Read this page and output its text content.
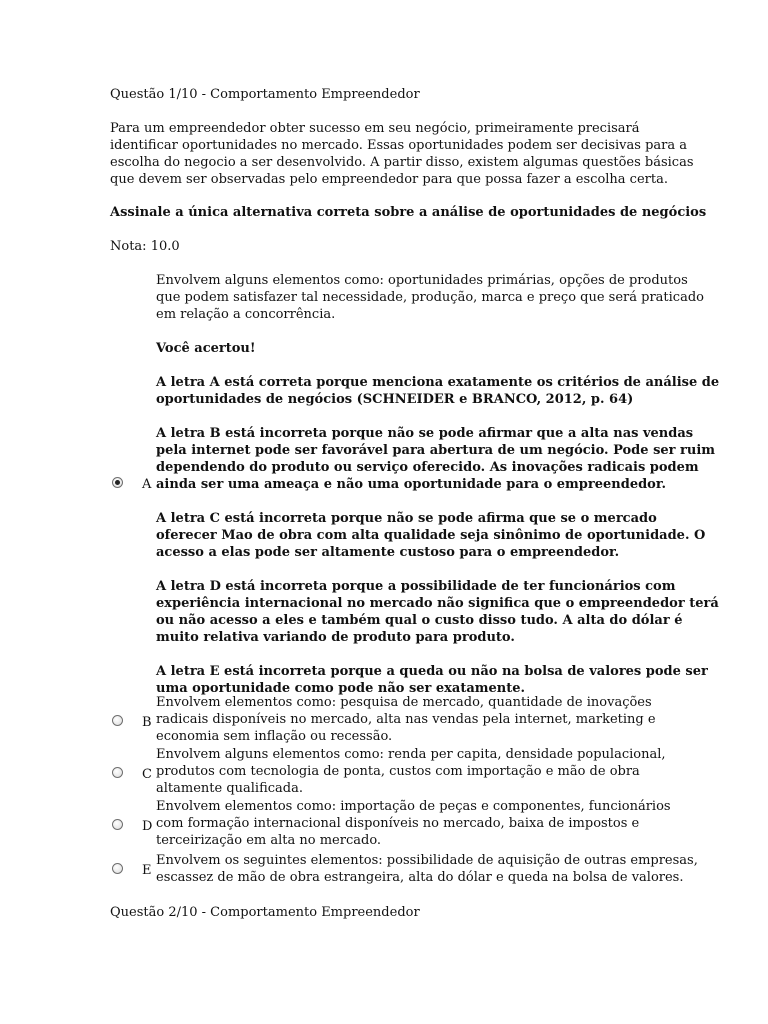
Questão 1/10 - Comportamento Empreendedor
Para um empreendedor obter sucesso em seu negócio, primeiramente precisará
identificar oportunidades no mercado. Essas oportunidades podem ser decisivas para a
escolha do negocio a ser desenvolvido. A partir disso, existem algumas questões básicas
que devem ser observadas pelo empreendedor para que possa fazer a escolha certa.
Assinale a única alternativa correta sobre a análise de oportunidades de negócios
Nota: 10.0
A
Envolvem alguns elementos como: oportunidades primárias, opções de produtos
que podem satisfazer tal necessidade, produção, marca e preço que será praticado
em relação a concorrência.
Você acertou!
A letra A está correta porque menciona exatamente os critérios de análise de
oportunidades de negócios (SCHNEIDER e BRANCO, 2012, p. 64)
A letra B está incorreta porque não se pode afirmar que a alta nas vendas
pela internet pode ser favorável para abertura de um negócio. Pode ser ruim
dependendo do produto ou serviço oferecido. As inovações radicais podem
ainda ser uma ameaça e não uma oportunidade para o empreendedor.
A letra C está incorreta porque não se pode afirma que se o mercado
oferecer Mao de obra com alta qualidade seja sinônimo de oportunidade. O
acesso a elas pode ser altamente custoso para o empreendedor.
A letra D está incorreta porque a possibilidade de ter funcionários com
experiência internacional no mercado não significa que o empreendedor terá
ou não acesso a eles e também qual o custo disso tudo. A alta do dólar é
muito relativa variando de produto para produto.
A letra E está incorreta porque a queda ou não na bolsa de valores pode ser
uma oportunidade como pode não ser exatamente.
B
Envolvem elementos como: pesquisa de mercado, quantidade de inovações
radicais disponíveis no mercado, alta nas vendas pela internet, marketing e
economia sem inflação ou recessão.
C
Envolvem alguns elementos como: renda per capita, densidade populacional,
produtos com tecnologia de ponta, custos com importação e mão de obra
altamente qualificada.
D
Envolvem elementos como: importação de peças e componentes, funcionários
com formação internacional disponíveis no mercado, baixa de impostos e
terceirização em alta no mercado.
E
Envolvem os seguintes elementos: possibilidade de aquisição de outras empresas,
escassez de mão de obra estrangeira, alta do dólar e queda na bolsa de valores.
Questão 2/10 - Comportamento Empreendedor
